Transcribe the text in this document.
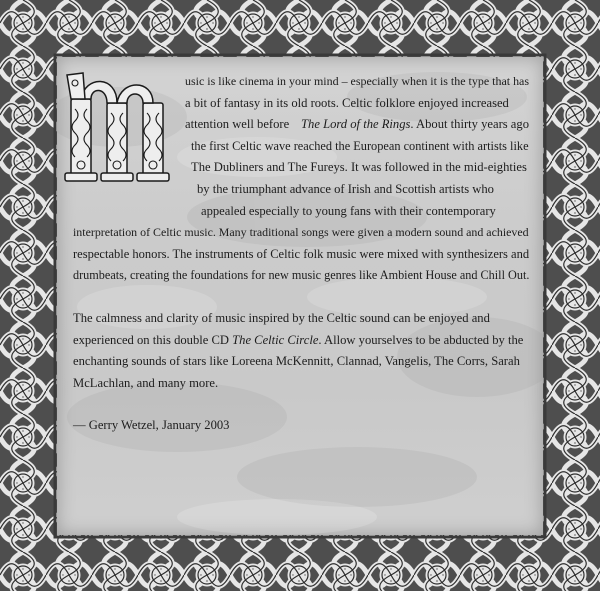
usic is like cinema in your mind – especially when it is the type that has
a bit of fantasy in its old roots. Celtic folklore enjoyed increased
attention well before The Lord of the Rings. About thirty years ago
the first Celtic wave reached the European continent with artists like
The Dubliners and The Fureys. It was followed in the mid-eighties
by the triumphant advance of Irish and Scottish artists who
appealed especially to young fans with their contemporary
interpretation of Celtic music. Many traditional songs were given a modern sound and achieved
respectable honors. The instruments of Celtic folk music were mixed with synthesizers and
drumbeats, creating the foundations for new music genres like Ambient House and Chill Out.
The calmness and clarity of music inspired by the Celtic sound can be enjoyed and
experienced on this double CD The Celtic Circle. Allow yourselves to be abducted by the
enchanting sounds of stars like Loreena McKennitt, Clannad, Vangelis, The Corrs, Sarah
McLachlan, and many more.
— Gerry Wetzel, January 2003
